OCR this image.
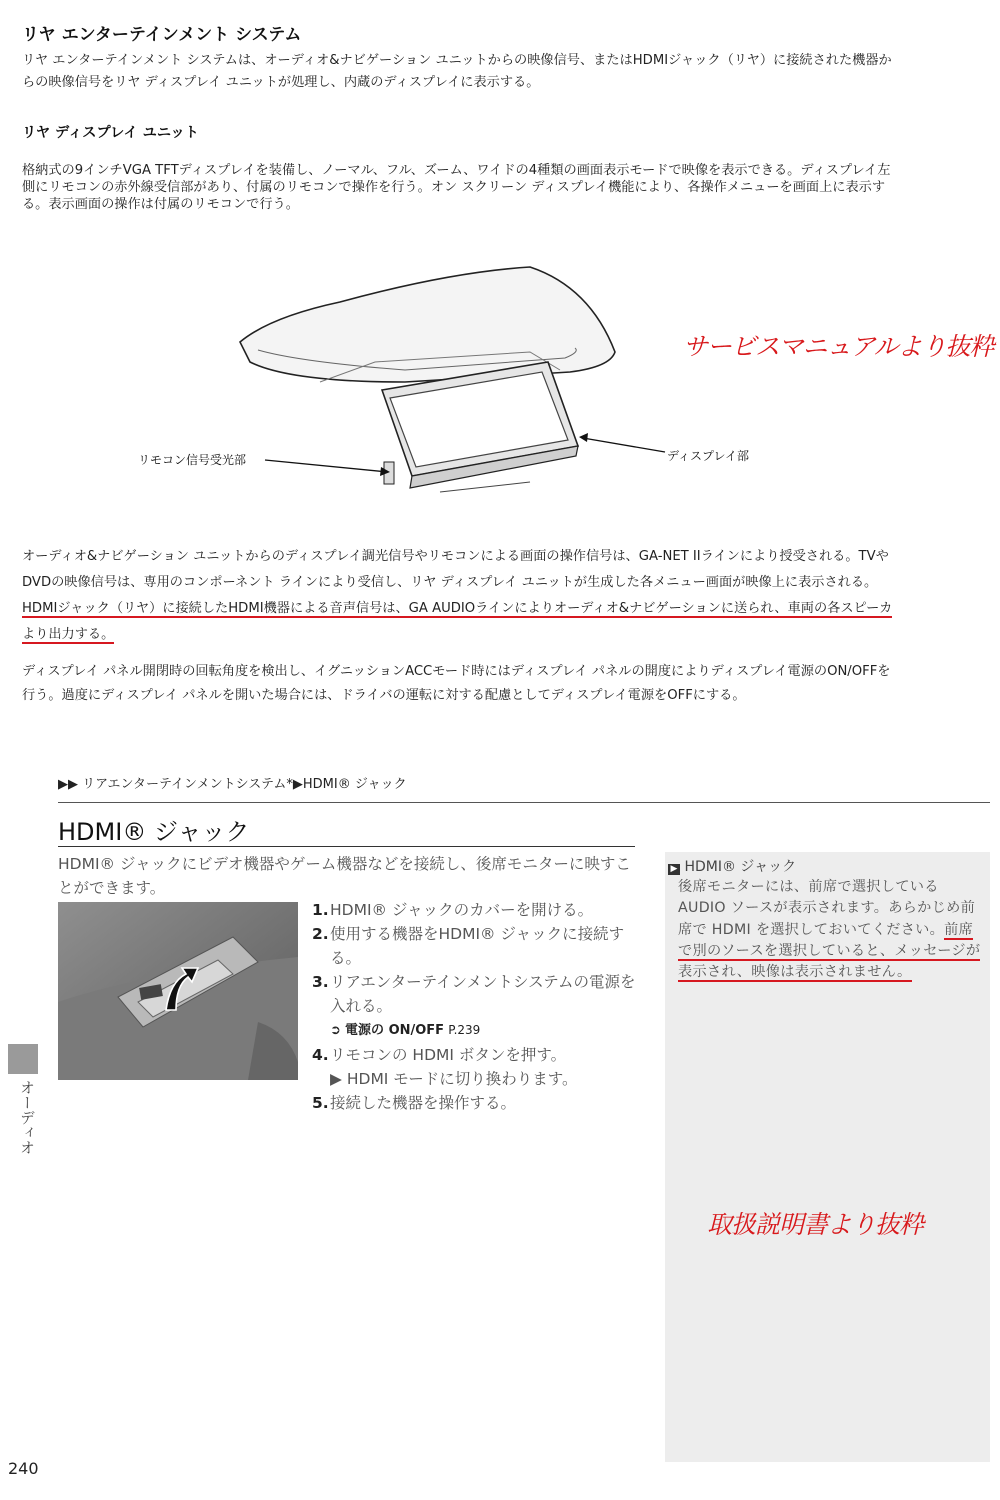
リヤ エンターテインメント システム
リヤ エンターテインメント システムは、オーディオ&ナビゲーション ユニットからの映像信号、またはHDMIジャック（リヤ）に接続された機器からの映像信号をリヤ ディスプレイ ユニットが処理し、内蔵のディスプレイに表示する。
リヤ ディスプレイ ユニット
格納式の9インチVGA TFTディスプレイを装備し、ノーマル、フル、ズーム、ワイドの4種類の画面表示モードで映像を表示できる。ディスプレイ左側にリモコンの赤外線受信部があり、付属のリモコンで操作を行う。オン スクリーン ディスプレイ機能により、各操作メニューを画面上に表示する。表示画面の操作は付属のリモコンで行う。
リモコン信号受光部	ディスプレイ部
サービスマニュアルより抜粋
オーディオ&ナビゲーション ユニットからのディスプレイ調光信号やリモコンによる画面の操作信号は、GA-NET IIラインにより授受される。TVやDVDの映像信号は、専用のコンポーネント ラインにより受信し、リヤ ディスプレイ ユニットが生成した各メニュー画面が映像上に表示される。HDMIジャック（リヤ）に接続したHDMI機器による音声信号は、GA AUDIOラインによりオーディオ&ナビゲーションに送られ、車両の各スピーカより出力する。
ディスプレイ パネル開閉時の回転角度を検出し、イグニッションACCモード時にはディスプレイ パネルの開度によりディスプレイ電源のON/OFFを行う。過度にディスプレイ パネルを開いた場合には、ドライバの運転に対する配慮としてディスプレイ電源をOFFにする。
▶▶ リアエンターテインメントシステム*▶HDMI® ジャック
HDMI® ジャック
HDMI® ジャックにビデオ機器やゲーム機器などを接続し、後席モニターに映すことができます。
1. HDMI® ジャックのカバーを開ける。
2. 使用する機器をHDMI® ジャックに接続する。
3. リアエンターテインメントシステムの電源を入れる。
➲ 電源の ON/OFF P.239
4. リモコンの HDMI ボタンを押す。
▶ HDMI モードに切り換わります。
5. 接続した機器を操作する。
▶ HDMI® ジャック
後席モニターには、前席で選択しているAUDIO ソースが表示されます。あらかじめ前席で HDMI を選択しておいてください。前席で別のソースを選択していると、メッセージが表示され、映像は表示されません。
取扱説明書より抜粋
オーディオ
240
